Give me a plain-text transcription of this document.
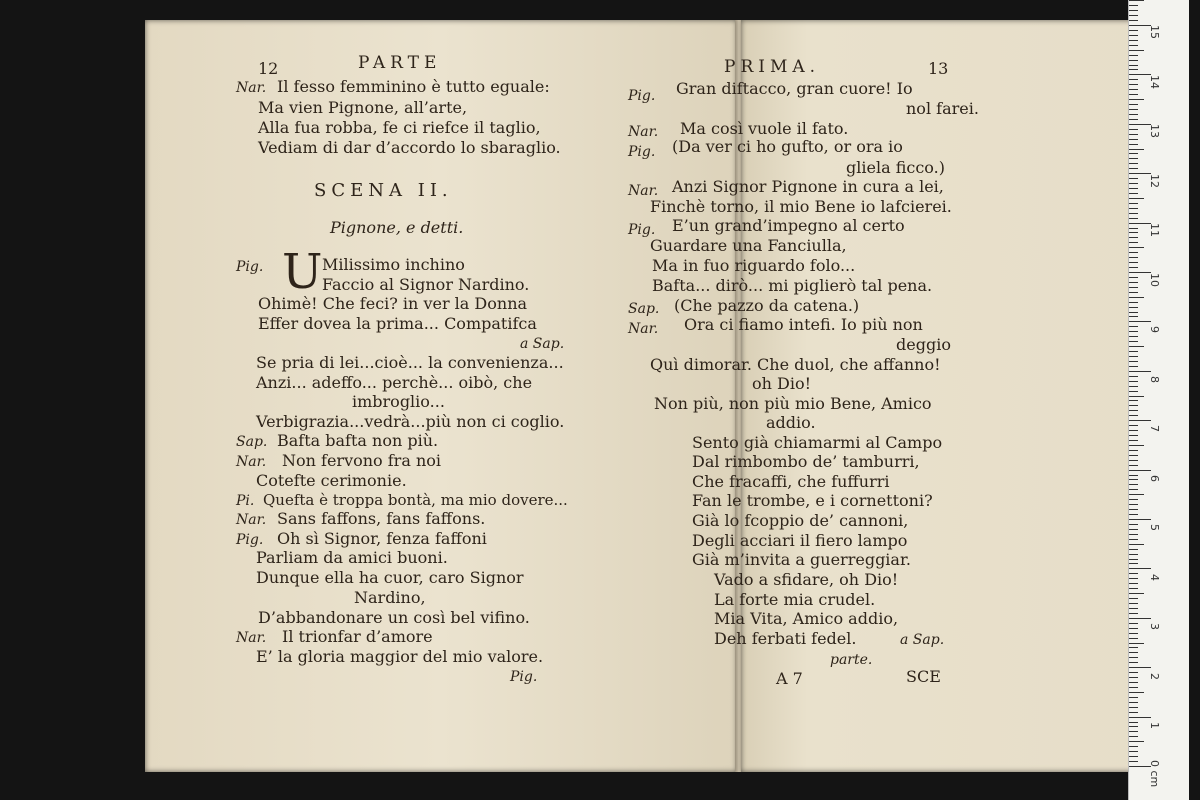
12	PARTE
Nar. Il fesso femminino è tutto eguale:
Ma vien Pignone, all’arte,
Alla fua robba, fe ci riefce il taglio,
Vediam di dar d’accordo lo sbaraglio.
SCENA II.
Pignone, e detti.
Pig. U Milissimo inchino
Faccio al Signor Nardino.
Ohimè! Che feci? in ver la Donna
Effer dovea la prima... Compatifca
a Sap.
Se pria di lei...cioè... la convenienza...
Anzi... adeffo... perchè... oibò, che
imbroglio...
Verbigrazia...vedrà...più non ci coglio.
Sap. Bafta bafta non più.
Nar. Non fervono fra noi
Cotefte cerimonie.
Pi. Quefta è troppa bontà, ma mio dovere...
Nar. Sans faffons, fans faffons.
Pig. Oh sì Signor, fenza faffoni
Parliam da amici buoni.
Dunque ella ha cuor, caro Signor
Nardino,
D’abbandonare un così bel vifino.
Nar. Il trionfar d’amore
E’ la gloria maggior del mio valore.
Pig.
PRIMA.	13
Pig. Gran diftacco, gran cuore! Io
nol farei.
Nar. Ma così vuole il fato.
Pig. (Da ver ci ho gufto, or ora io
gliela ficco.)
Nar. Anzi Signor Pignone in cura a lei,
Finchè torno, il mio Bene io lafcierei.
Pig. E’un grand’impegno al certo
Guardare una Fanciulla,
Ma in fuo riguardo folo...
Bafta... dirò... mi piglierò tal pena.
Sap. (Che pazzo da catena.)
Nar. Ora ci fiamo intefi. Io più non
deggio
Quì dimorar. Che duol, che affanno!
oh Dio!
Non più, non più mio Bene, Amico
addio.
Sento già chiamarmi al Campo
Dal rimbombo de’ tamburri,
Che fracaffi, che fuffurri
Fan le trombe, e i cornettoni?
Già lo fcoppio de’ cannoni,
Degli acciari il fiero lampo
Già m’invita a guerreggiar.
Vado a sfidare, oh Dio!
La forte mia crudel.
Mia Vita, Amico addio,
Deh ferbati fedel.	a Sap.
parte.
A 7	SCE
0 cm
1
2
3
4
5
6
7
8
9
10
11
12
13
14
15
